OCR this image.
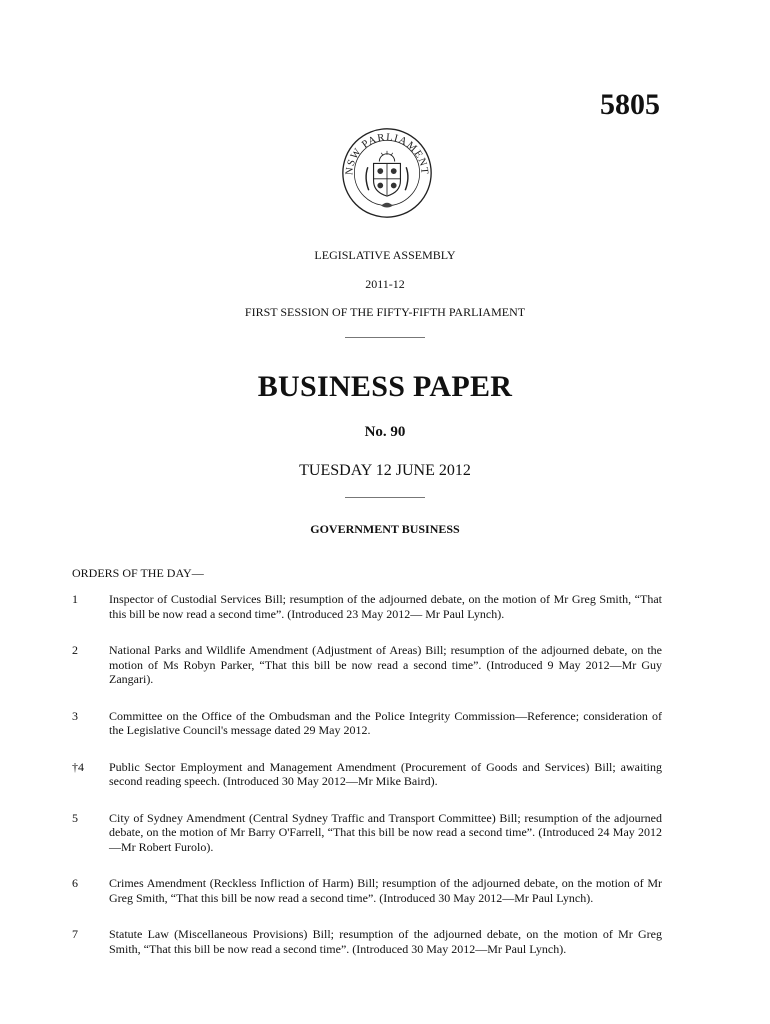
5805
NSW PARLIAMENT
LEGISLATIVE ASSEMBLY
2011-12
FIRST SESSION OF THE FIFTY-FIFTH PARLIAMENT
BUSINESS PAPER
No. 90
TUESDAY 12 JUNE 2012
GOVERNMENT BUSINESS
ORDERS OF THE DAY—
1	Inspector of Custodial Services Bill; resumption of the adjourned debate, on the motion of Mr Greg Smith, “That this bill be now read a second time”. (Introduced 23 May 2012— Mr Paul Lynch).
2	National Parks and Wildlife Amendment (Adjustment of Areas) Bill; resumption of the adjourned debate, on the motion of Ms Robyn Parker, “That this bill be now read a second time”. (Introduced 9 May 2012—Mr Guy Zangari).
3	Committee on the Office of the Ombudsman and the Police Integrity Commission—Reference; consideration of the Legislative Council's message dated 29 May 2012.
†4	Public Sector Employment and Management Amendment (Procurement of Goods and Services) Bill; awaiting second reading speech. (Introduced 30 May 2012—Mr Mike Baird).
5	City of Sydney Amendment (Central Sydney Traffic and Transport Committee) Bill; resumption of the adjourned debate, on the motion of Mr Barry O'Farrell, “That this bill be now read a second time”. (Introduced 24 May 2012—Mr Robert Furolo).
6	Crimes Amendment (Reckless Infliction of Harm) Bill; resumption of the adjourned debate, on the motion of Mr Greg Smith, “That this bill be now read a second time”. (Introduced 30 May 2012—Mr Paul Lynch).
7	Statute Law (Miscellaneous Provisions) Bill; resumption of the adjourned debate, on the motion of Mr Greg Smith, “That this bill be now read a second time”. (Introduced 30 May 2012—Mr Paul Lynch).
